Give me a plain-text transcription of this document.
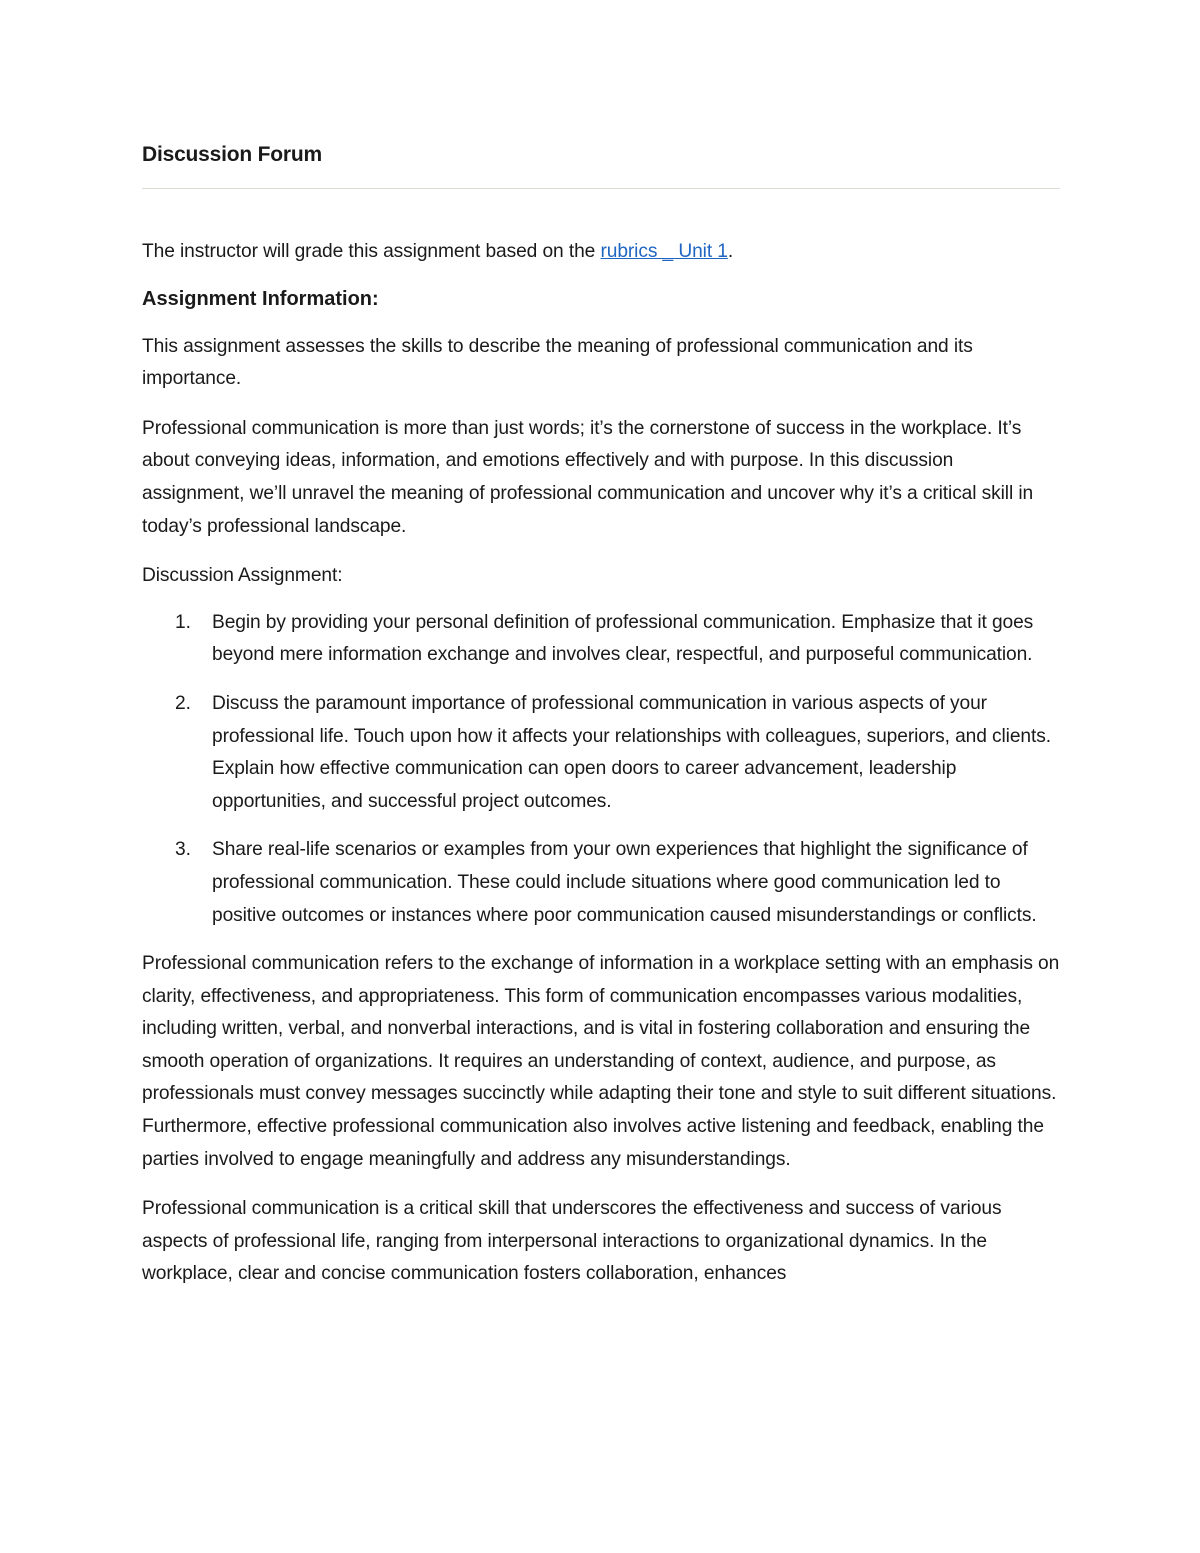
Discussion Forum

The instructor will grade this assignment based on the rubrics _ Unit 1.

Assignment Information:

This assignment assesses the skills to describe the meaning of professional communication and its importance.

Professional communication is more than just words; it’s the cornerstone of success in the workplace. It’s about conveying ideas, information, and emotions effectively and with purpose. In this discussion assignment, we’ll unravel the meaning of professional communication and uncover why it’s a critical skill in today’s professional landscape.

Discussion Assignment:

1. Begin by providing your personal definition of professional communication. Emphasize that it goes beyond mere information exchange and involves clear, respectful, and purposeful communication.
2. Discuss the paramount importance of professional communication in various aspects of your professional life. Touch upon how it affects your relationships with colleagues, superiors, and clients. Explain how effective communication can open doors to career advancement, leadership opportunities, and successful project outcomes.
3. Share real-life scenarios or examples from your own experiences that highlight the significance of professional communication. These could include situations where good communication led to positive outcomes or instances where poor communication caused misunderstandings or conflicts.

Professional communication refers to the exchange of information in a workplace setting with an emphasis on clarity, effectiveness, and appropriateness. This form of communication encompasses various modalities, including written, verbal, and nonverbal interactions, and is vital in fostering collaboration and ensuring the smooth operation of organizations. It requires an understanding of context, audience, and purpose, as professionals must convey messages succinctly while adapting their tone and style to suit different situations. Furthermore, effective professional communication also involves active listening and feedback, enabling the parties involved to engage meaningfully and address any misunderstandings.

Professional communication is a critical skill that underscores the effectiveness and success of various aspects of professional life, ranging from interpersonal interactions to organizational dynamics. In the workplace, clear and concise communication fosters collaboration, enhances
